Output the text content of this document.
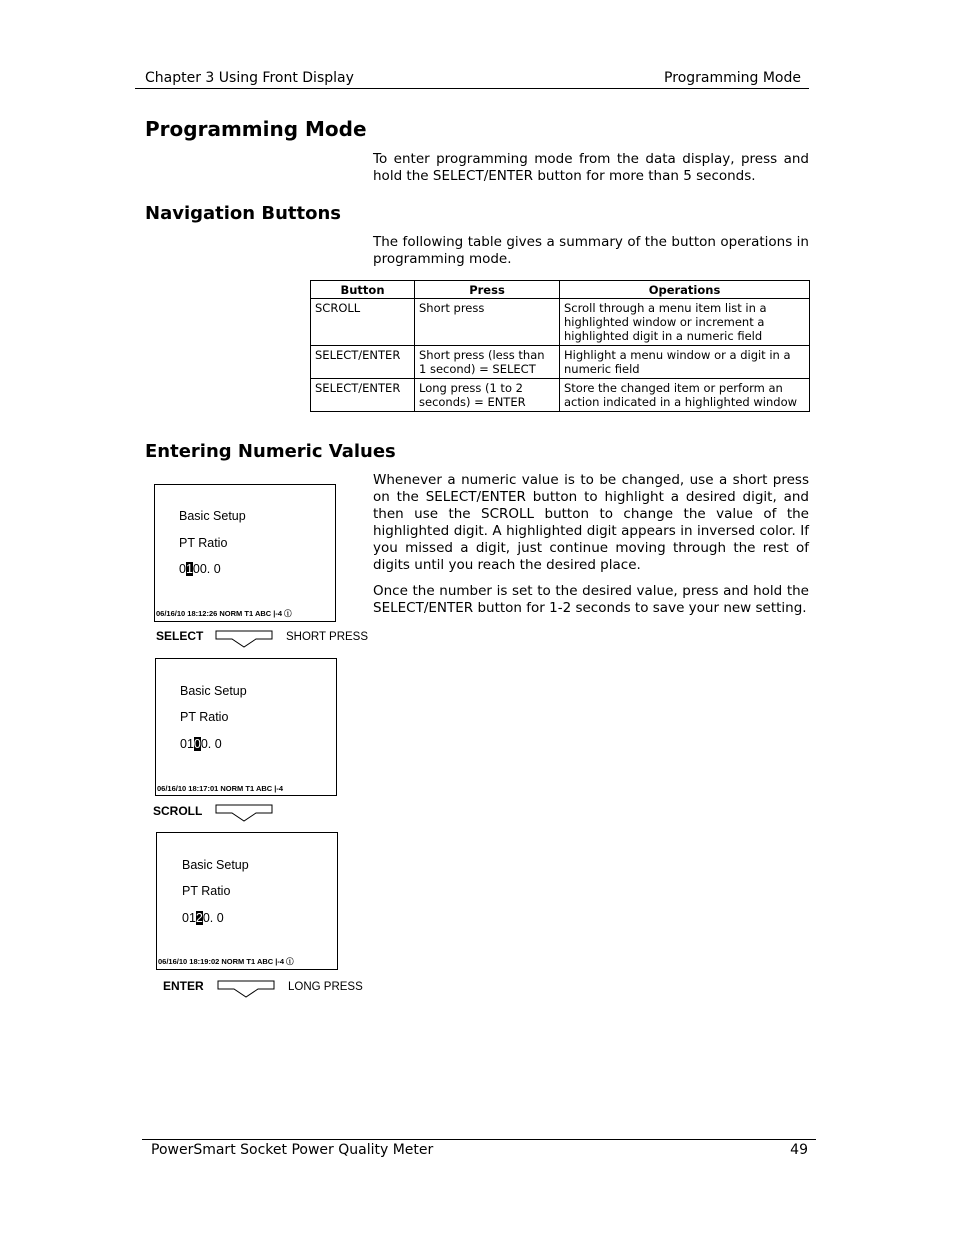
Chapter 3 Using Front Display	Programming Mode
Programming Mode

To enter programming mode from the data display, press and hold the SELECT/ENTER button for more than 5 seconds.

Navigation Buttons

The following table gives a summary of the button operations in programming mode.

Button	Press	Operations
SCROLL	Short press	Scroll through a menu item list in a highlighted window or increment a highlighted digit in a numeric field
SELECT/ENTER	Short press (less than 1 second) = SELECT	Highlight a menu window or a digit in a numeric field
SELECT/ENTER	Long press (1 to 2 seconds) = ENTER	Store the changed item or perform an action indicated in a highlighted window
Entering Numeric Values

Whenever a numeric value is to be changed, use a short press on the SELECT/ENTER button to highlight a desired digit, and then use the SCROLL button to change the value of the highlighted digit. A highlighted digit appears in inversed color. If you missed a digit, just continue moving through the rest of digits until you reach the desired place.

Once the number is set to the desired value, press and hold the SELECT/ENTER button for 1-2 seconds to save your new setting.

Basic Setup
PT Ratio
0100. 0
06/16/10 18:12:26 NORM T1 ABC |-4 ⓘ
SELECT	SHORT PRESS
Basic Setup
PT Ratio
0100. 0
06/16/10 18:17:01 NORM T1 ABC |-4
SCROLL
Basic Setup
PT Ratio
0120. 0
06/16/10 18:19:02 NORM T1 ABC |-4 ⓘ
ENTER	LONG PRESS
PowerSmart Socket Power Quality Meter	49
